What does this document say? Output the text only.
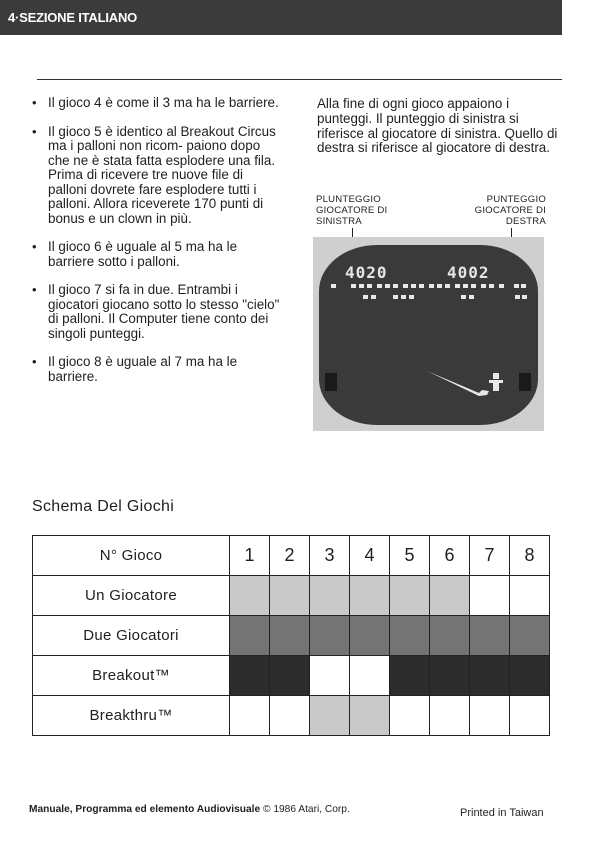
4·SEZIONE ITALIANO
• Il gioco 4 è come il 3 ma ha le barriere.
• Il gioco 5 è identico al Breakout Circus ma i palloni non ricom- paiono dopo che ne è stata fatta esplodere una fila. Prima di ricevere tre nuove file di palloni dovrete fare esplodere tutti i palloni. Allora riceverete 170 punti di bonus e un clown in più.
• Il gioco 6 è uguale al 5 ma ha le barriere sotto i palloni.
• Il gioco 7 si fa in due. Entrambi i giocatori giocano sotto lo stesso "cielo" di palloni. Il Computer tiene conto dei singoli punteggi.
• Il gioco 8 è uguale al 7 ma ha le barriere.
Alla fine di ogni gioco appaiono i punteggi. Il punteggio di sinistra si riferisce al giocatore di sinistra. Quello di destra si riferisce al giocatore di destra.
PLUNTEGGIO GIOCATORE DI SINISTRA
PUNTEGGIO GIOCATORE DI DESTRA
4020	4002
Schema Del Giochi
N° Gioco	1	2	3	4	5	6	7	8
Un Giocatore								
Due Giocatori								
Breakout™								
Breakthru™								
Manuale, Programma ed elemento Audiovisuale © 1986 Atari, Corp.	Printed in Taiwan
